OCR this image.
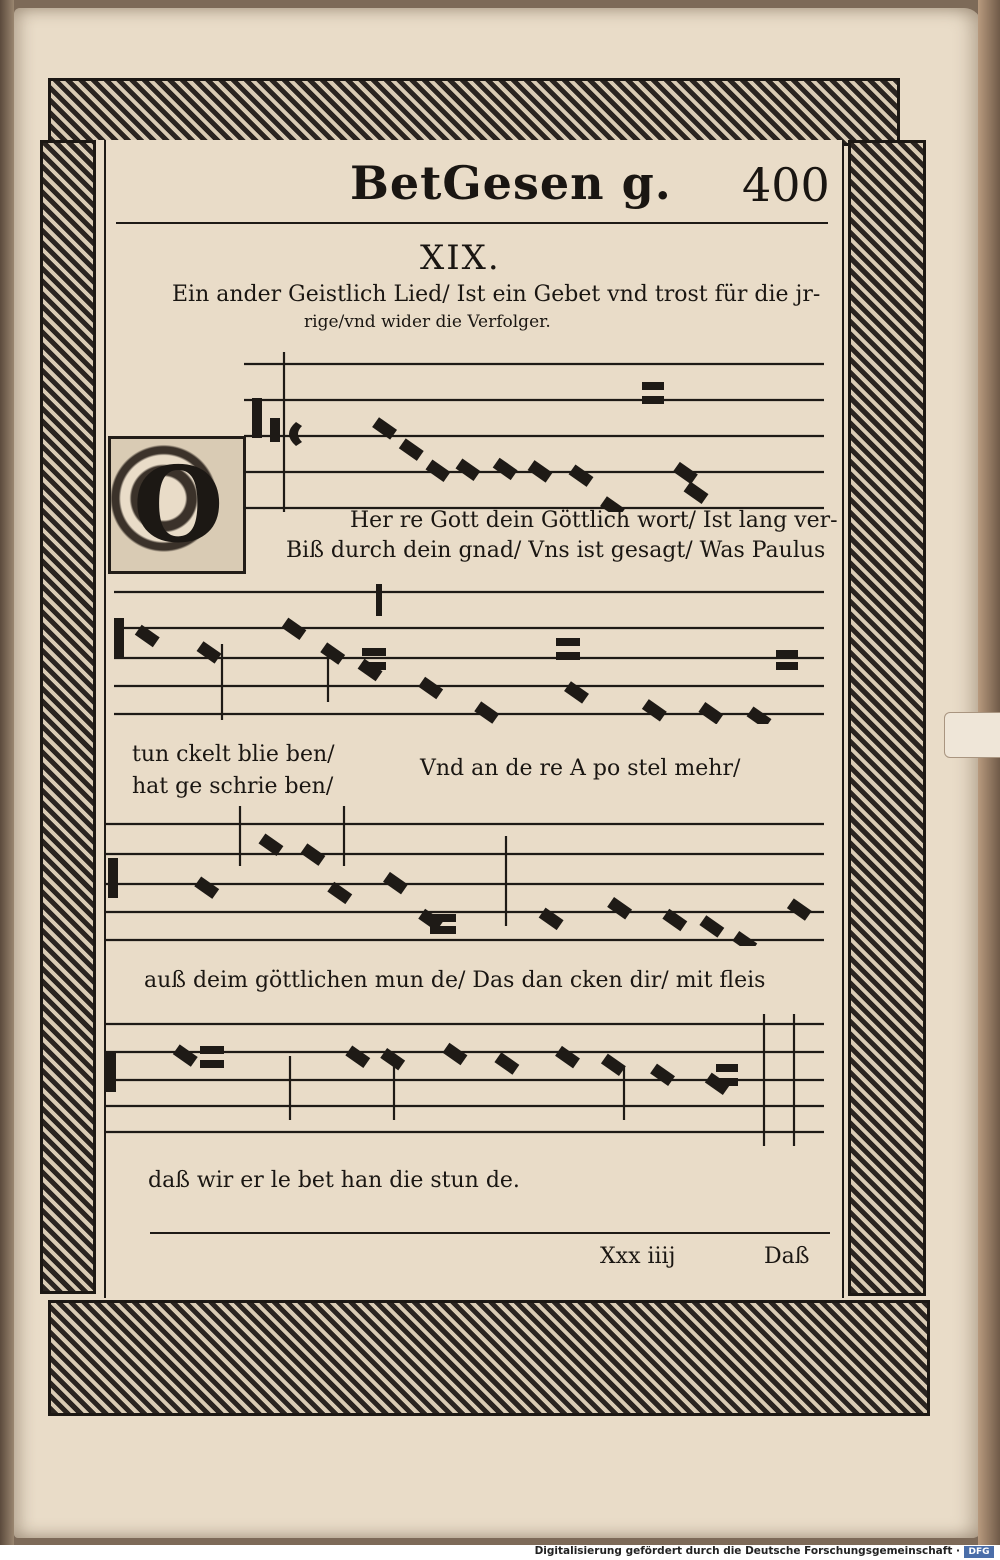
BetGesen g. 400
XIX.
Ein ander Geistlich Lied/ Ist ein Gebet vnd trost für die jr-
rige/vnd wider die Verfolger.
O	Her re Gott dein Göttlich wort/ Ist lang ver-
Biß durch dein gnad/ Vns ist gesagt/ Was Paulus
tun ckelt blie ben/
hat ge schrie ben/
Vnd an de re A po stel mehr/
auß deim göttlichen mun de/ Das dan cken dir/ mit fleis
daß wir er le bet han die stun de.
Xxx iiij	Daß
Digitalisierung gefördert durch die Deutsche Forschungsgemeinschaft · DFG
